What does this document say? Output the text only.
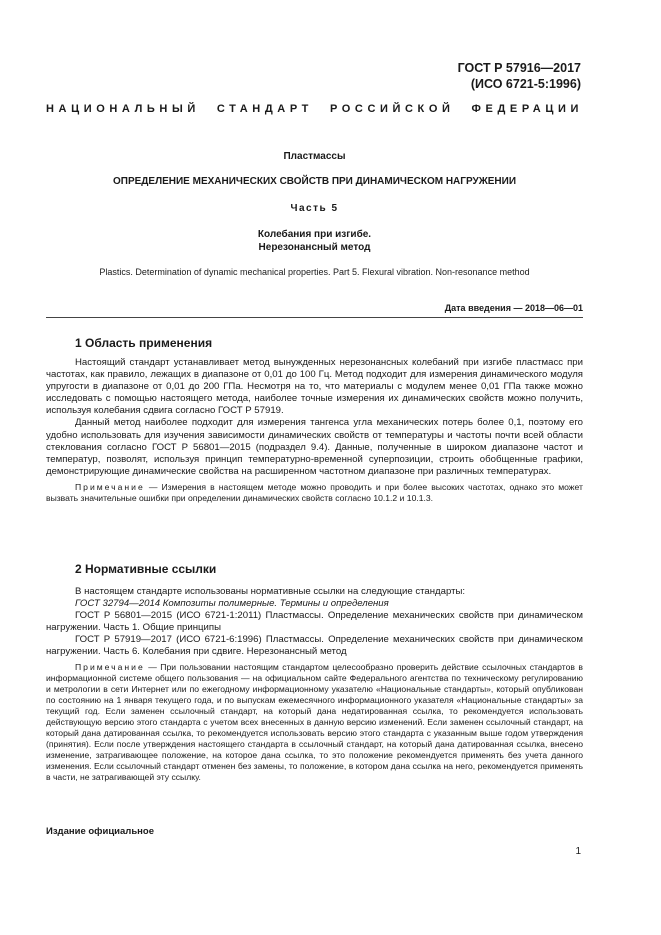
ГОСТ Р 57916—2017
(ИСО 6721-5:1996)
НАЦИОНАЛЬНЫЙ СТАНДАРТ РОССИЙСКОЙ ФЕДЕРАЦИИ
Пластмассы
ОПРЕДЕЛЕНИЕ МЕХАНИЧЕСКИХ СВОЙСТВ ПРИ ДИНАМИЧЕСКОМ НАГРУЖЕНИИ
Часть 5
Колебания при изгибе.
Нерезонансный метод
Plastics. Determination of dynamic mechanical properties. Part 5. Flexural vibration. Non-resonance method
Дата введения — 2018—06—01
1 Область применения

Настоящий стандарт устанавливает метод вынужденных нерезонансных колебаний при изгибе пластмасс при частотах, как правило, лежащих в диапазоне от 0,01 до 100 Гц. Метод подходит для измерения динамического модуля упругости в диапазоне от 0,01 до 200 ГПа. Несмотря на то, что материалы с модулем менее 0,01 ГПа также можно исследовать с помощью настоящего метода, наиболее точные измерения их динамических свойств можно получить, используя колебания сдвига согласно ГОСТ Р 57919.

Данный метод наиболее подходит для измерения тангенса угла механических потерь более 0,1, поэтому его удобно использовать для изучения зависимости динамических свойств от температуры и частоты почти всей области стеклования согласно ГОСТ Р 56801—2015 (подраздел 9.4). Данные, полученные в широком диапазоне частот и температур, позволят, используя принцип температурно-временной суперпозиции, строить обобщенные графики, демонстрирующие динамические свойства на расширенном частотном диапазоне при различных температурах.

Примечание — Измерения в настоящем методе можно проводить и при более высоких частотах, однако это может вызвать значительные ошибки при определении динамических свойств согласно 10.1.2 и 10.1.3.

2 Нормативные ссылки

В настоящем стандарте использованы нормативные ссылки на следующие стандарты:

ГОСТ 32794—2014 Композиты полимерные. Термины и определения

ГОСТ Р 56801—2015 (ИСО 6721-1:2011) Пластмассы. Определение механических свойств при динамическом нагружении. Часть 1. Общие принципы

ГОСТ Р 57919—2017 (ИСО 6721-6:1996) Пластмассы. Определение механических свойств при динамическом нагружении. Часть 6. Колебания при сдвиге. Нерезонансный метод

Примечание — При пользовании настоящим стандартом целесообразно проверить действие ссылочных стандартов в информационной системе общего пользования — на официальном сайте Федерального агентства по техническому регулированию и метрологии в сети Интернет или по ежегодному информационному указателю «Национальные стандарты», который опубликован по состоянию на 1 января текущего года, и по выпускам ежемесячного информационного указателя «Национальные стандарты» за текущий год. Если заменен ссылочный стандарт, на который дана недатированная ссылка, то рекомендуется использовать действующую версию этого стандарта с учетом всех внесенных в данную версию изменений. Если заменен ссылочный стандарт, на который дана датированная ссылка, то рекомендуется использовать версию этого стандарта с указанным выше годом утверждения (принятия). Если после утверждения настоящего стандарта в ссылочный стандарт, на который дана датированная ссылка, внесено изменение, затрагивающее положение, на которое дана ссылка, то это положение рекомендуется применять без учета данного изменения. Если ссылочный стандарт отменен без замены, то положение, в котором дана ссылка на него, рекомендуется применять в части, не затрагивающей эту ссылку.

Издание официальное
1
